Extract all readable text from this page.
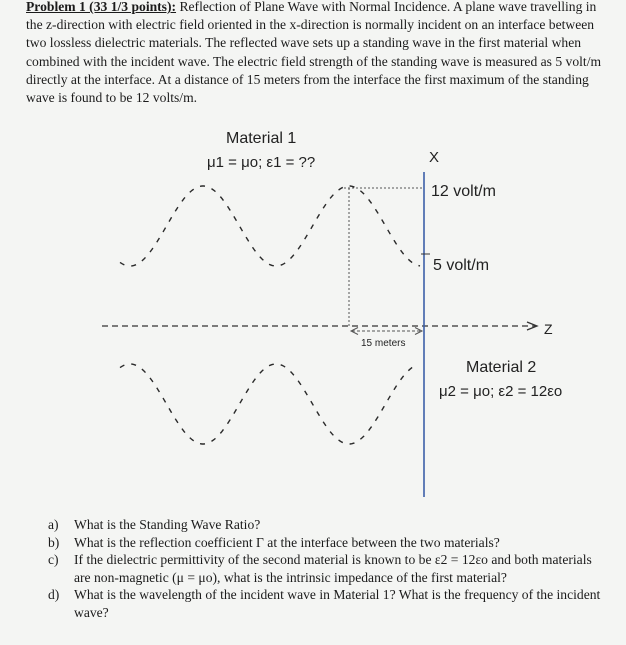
Problem 1 (33 1/3 points): Reflection of Plane Wave with Normal Incidence. A plane wave travelling in the z-direction with electric field oriented in the x-direction is normally incident on an interface between two lossless dielectric materials. The reflected wave sets up a standing wave in the first material when combined with the incident wave. The electric field strength of the standing wave is measured as 5 volt/m directly at the interface. At a distance of 15 meters from the interface the first maximum of the standing wave is found to be 12 volts/m.
Material 1
μ1 = μo; ε1 = ??	X
12 volt/m
5 volt/m
Z
15 meters
Material 2
μ2 = μo; ε2 = 12εo
a)	What is the Standing Wave Ratio?
b)	What is the reflection coefficient Γ at the interface between the two materials?
c)	If the dielectric permittivity of the second material is known to be ε2 = 12εo and both materials are non-magnetic (μ = μo), what is the intrinsic impedance of the first material?
d)	What is the wavelength of the incident wave in Material 1? What is the frequency of the incident wave?
